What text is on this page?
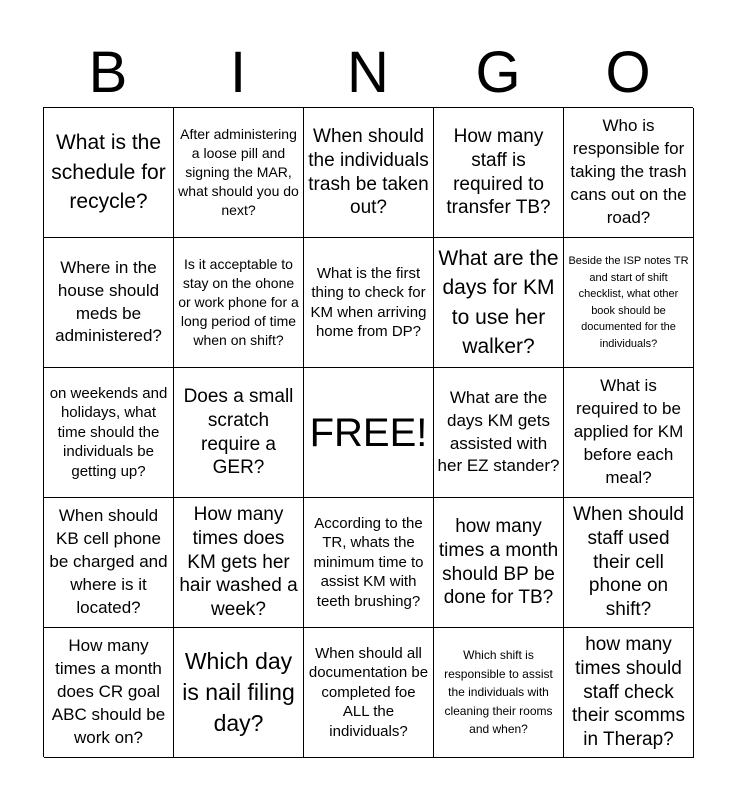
B	I	N	G	O
What is the schedule for recycle?
After administering a loose pill and signing the MAR, what should you do next?
When should the individuals trash be taken out?
How many staff is required to transfer TB?
Who is responsible for taking the trash cans out on the road?
Where in the house should meds be administered?
Is it acceptable to stay on the ohone or work phone for a long period of time when on shift?
What is the first thing to check for KM when arriving home from DP?
What are the days for KM to use her walker?
Beside the ISP notes TR and start of shift checklist, what other book should be documented for the individuals?
on weekends and holidays, what time should the individuals be getting up?
Does a small scratch require a GER?
FREE!
What are the days KM gets assisted with her EZ stander?
What is required to be applied for KM before each meal?
When should KB cell phone be charged and where is it located?
How many times does KM gets her hair washed a week?
According to the TR, whats the minimum time to assist KM with teeth brushing?
how many times a month should BP be done for TB?
When should staff used their cell phone on shift?
How many times a month does CR goal ABC should be work on?
Which day is nail filing day?
When should all documentation be completed foe ALL the individuals?
Which shift is responsible to assist the individuals with cleaning their rooms and when?
how many times should staff check their scomms in Therap?
